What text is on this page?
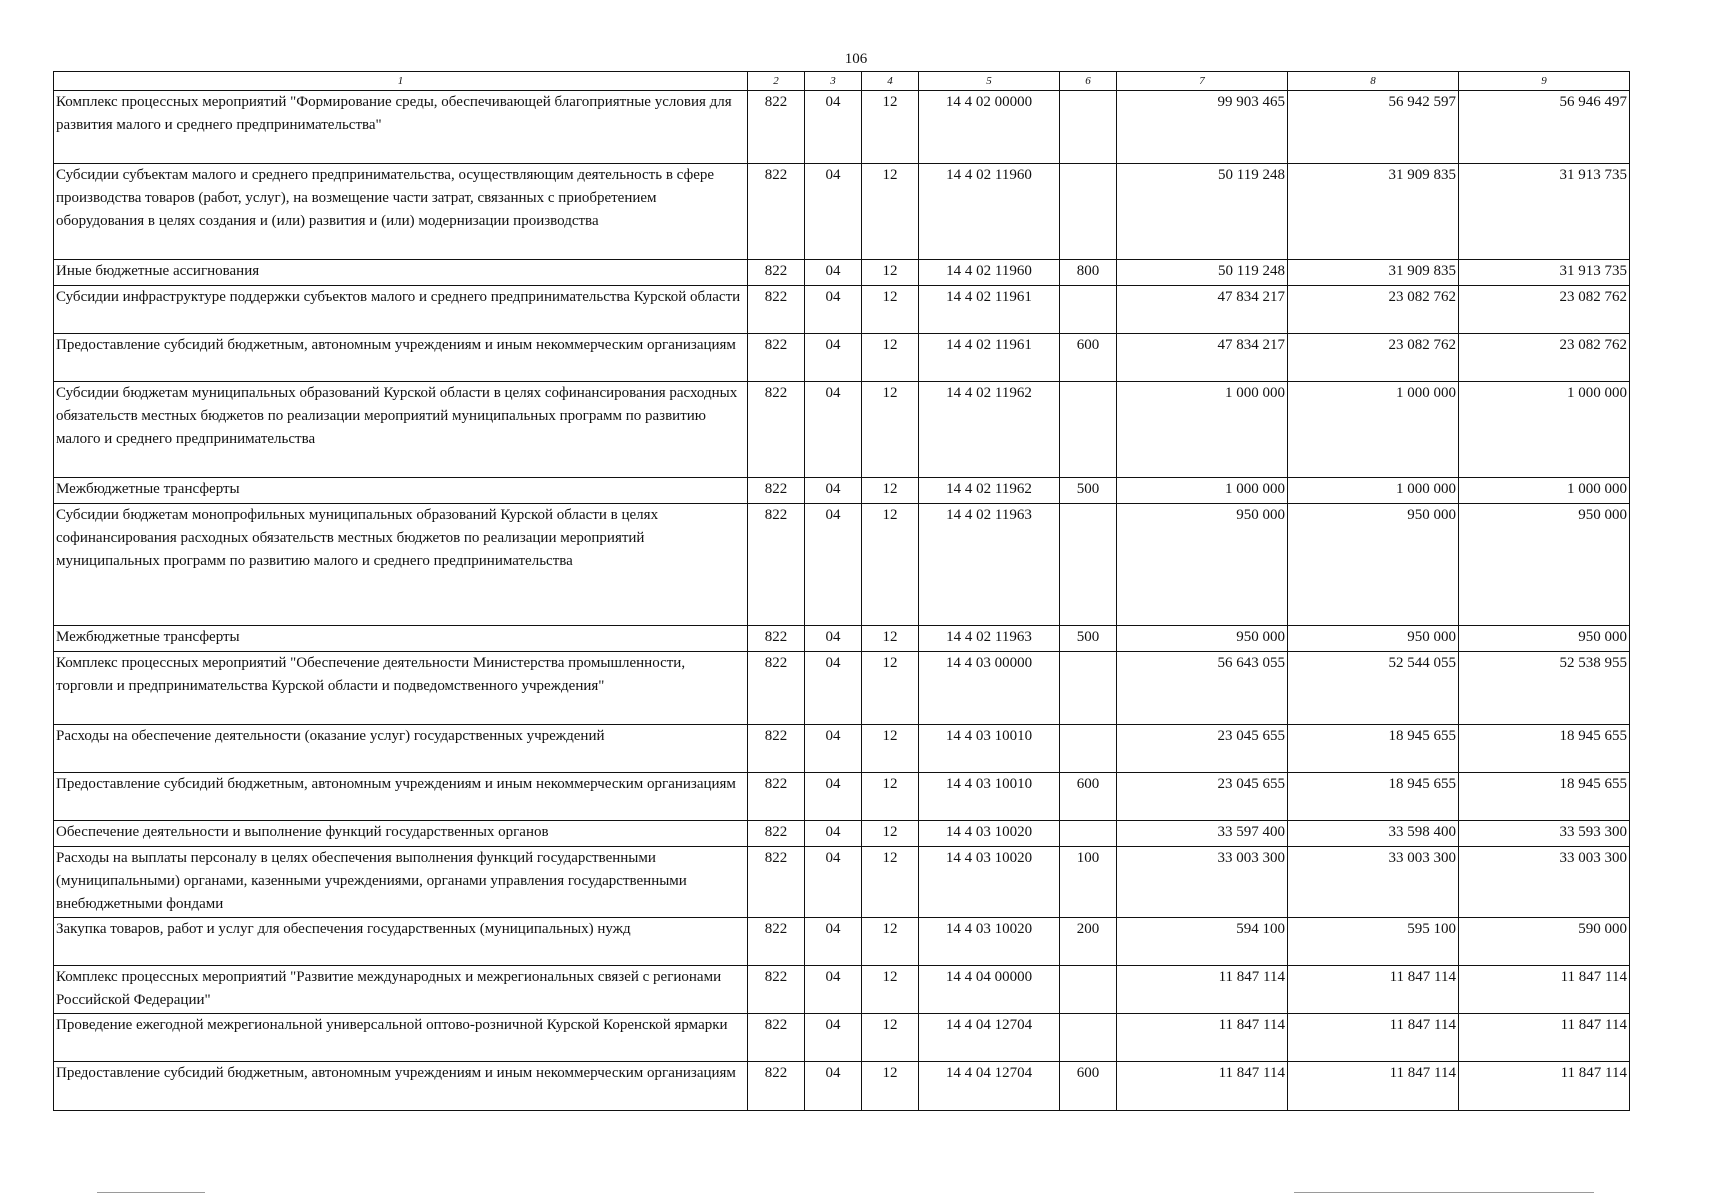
106
1	2	3	4	5	6	7	8	9
Комплекс процессных мероприятий "Формирование среды, обеспечивающей благоприятные условия для развития малого и среднего предпринимательства"	822	04	12	14 4 02 00000		99 903 465	56 942 597	56 946 497
Субсидии субъектам малого и среднего предпринимательства, осуществляющим деятельность в сфере производства товаров (работ, услуг), на возмещение части затрат, связанных с приобретением оборудования в целях создания и (или) развития и (или) модернизации производства	822	04	12	14 4 02 11960		50 119 248	31 909 835	31 913 735
Иные бюджетные ассигнования	822	04	12	14 4 02 11960	800	50 119 248	31 909 835	31 913 735
Субсидии инфраструктуре поддержки субъектов малого и среднего предпринимательства Курской области	822	04	12	14 4 02 11961		47 834 217	23 082 762	23 082 762
Предоставление субсидий бюджетным, автономным учреждениям и иным некоммерческим организациям	822	04	12	14 4 02 11961	600	47 834 217	23 082 762	23 082 762
Субсидии бюджетам муниципальных образований Курской области в целях софинансирования расходных обязательств местных бюджетов по реализации мероприятий муниципальных программ по развитию малого и среднего предпринимательства	822	04	12	14 4 02 11962		1 000 000	1 000 000	1 000 000
Межбюджетные трансферты	822	04	12	14 4 02 11962	500	1 000 000	1 000 000	1 000 000
Субсидии бюджетам монопрофильных муниципальных образований Курской области в целях софинансирования расходных обязательств местных бюджетов по реализации мероприятий муниципальных программ по развитию малого и среднего предпринимательства	822	04	12	14 4 02 11963		950 000	950 000	950 000
Межбюджетные трансферты	822	04	12	14 4 02 11963	500	950 000	950 000	950 000
Комплекс процессных мероприятий "Обеспечение деятельности Министерства промышленности, торговли и предпринимательства Курской области и подведомственного учреждения"	822	04	12	14 4 03 00000		56 643 055	52 544 055	52 538 955
Расходы на обеспечение деятельности (оказание услуг) государственных учреждений	822	04	12	14 4 03 10010		23 045 655	18 945 655	18 945 655
Предоставление субсидий бюджетным, автономным учреждениям и иным некоммерческим организациям	822	04	12	14 4 03 10010	600	23 045 655	18 945 655	18 945 655
Обеспечение деятельности и выполнение функций государственных органов	822	04	12	14 4 03 10020		33 597 400	33 598 400	33 593 300
Расходы на выплаты персоналу в целях обеспечения выполнения функций государственными (муниципальными) органами, казенными учреждениями, органами управления государственными внебюджетными фондами	822	04	12	14 4 03 10020	100	33 003 300	33 003 300	33 003 300
Закупка товаров, работ и услуг для обеспечения государственных (муниципальных) нужд	822	04	12	14 4 03 10020	200	594 100	595 100	590 000
Комплекс процессных мероприятий "Развитие международных и межрегиональных связей с регионами Российской Федерации"	822	04	12	14 4 04 00000		11 847 114	11 847 114	11 847 114
Проведение ежегодной межрегиональной универсальной оптово-розничной Курской Коренской ярмарки	822	04	12	14 4 04 12704		11 847 114	11 847 114	11 847 114
Предоставление субсидий бюджетным, автономным учреждениям и иным некоммерческим организациям	822	04	12	14 4 04 12704	600	11 847 114	11 847 114	11 847 114
